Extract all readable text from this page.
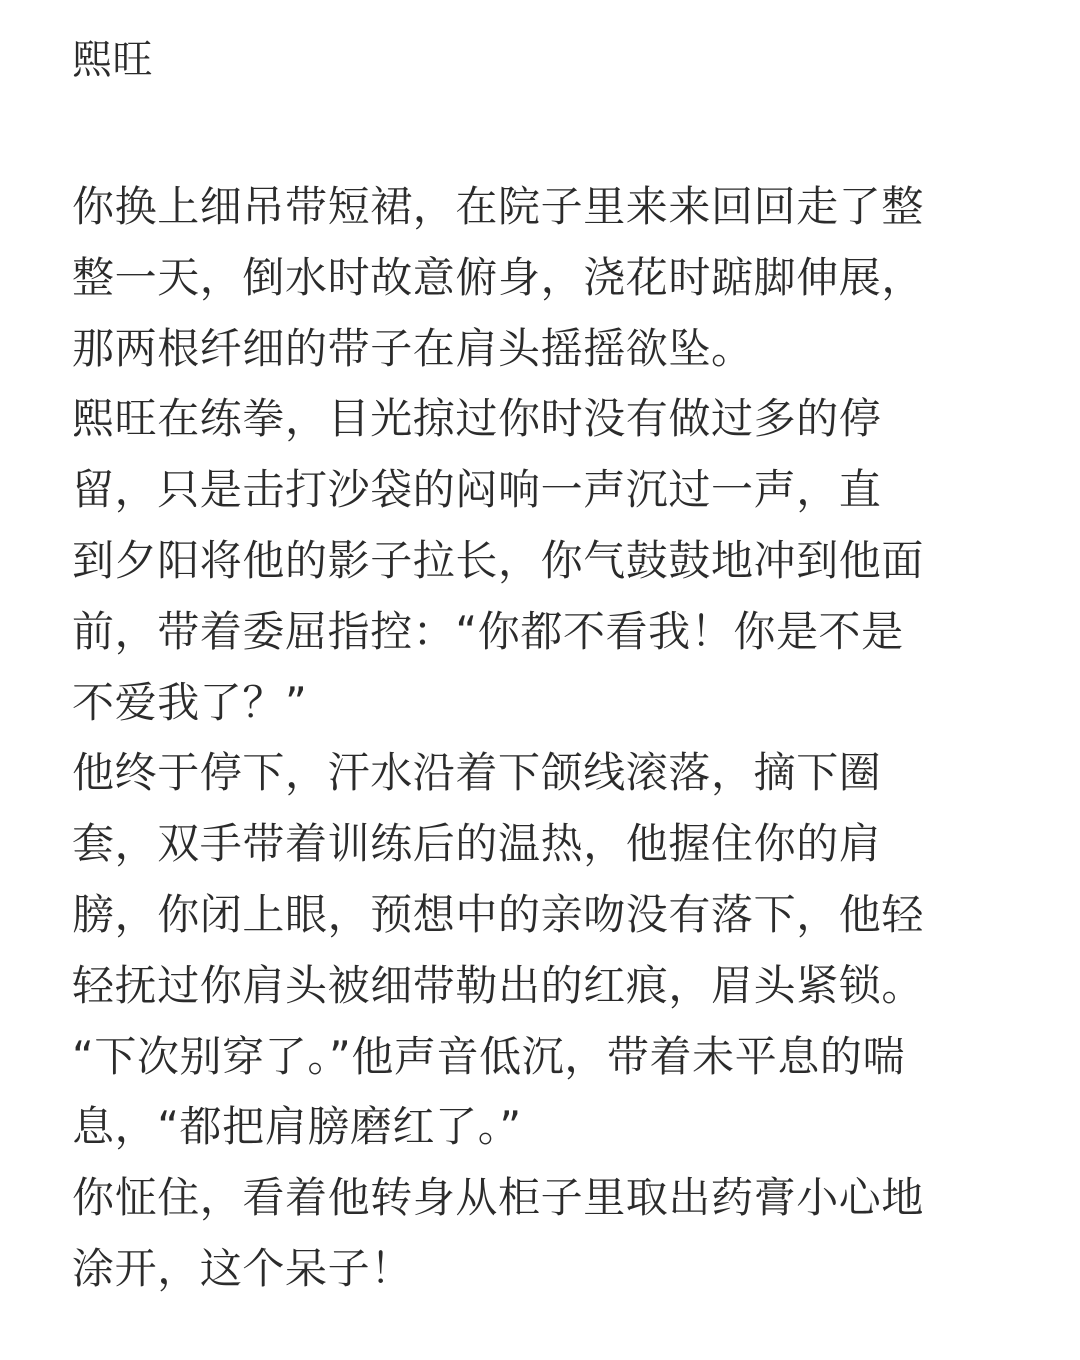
熙旺
你换上细吊带短裙，在院子里来来回回走了整
整一天，倒水时故意俯身，浇花时踮脚伸展，
那两根纤细的带子在肩头摇摇欲坠。
熙旺在练拳，目光掠过你时没有做过多的停
留，只是击打沙袋的闷响一声沉过一声，直
到夕阳将他的影子拉长，你气鼓鼓地冲到他面
前，带着委屈指控：“你都不看我！你是不是
不爱我了？”
他终于停下，汗水沿着下颌线滚落，摘下圈
套，双手带着训练后的温热，他握住你的肩
膀，你闭上眼，预想中的亲吻没有落下，他轻
轻抚过你肩头被细带勒出的红痕，眉头紧锁。
“下次别穿了。”他声音低沉，带着未平息的喘
息，“都把肩膀磨红了。”
你怔住，看着他转身从柜子里取出药膏小心地
涂开，这个呆子！
